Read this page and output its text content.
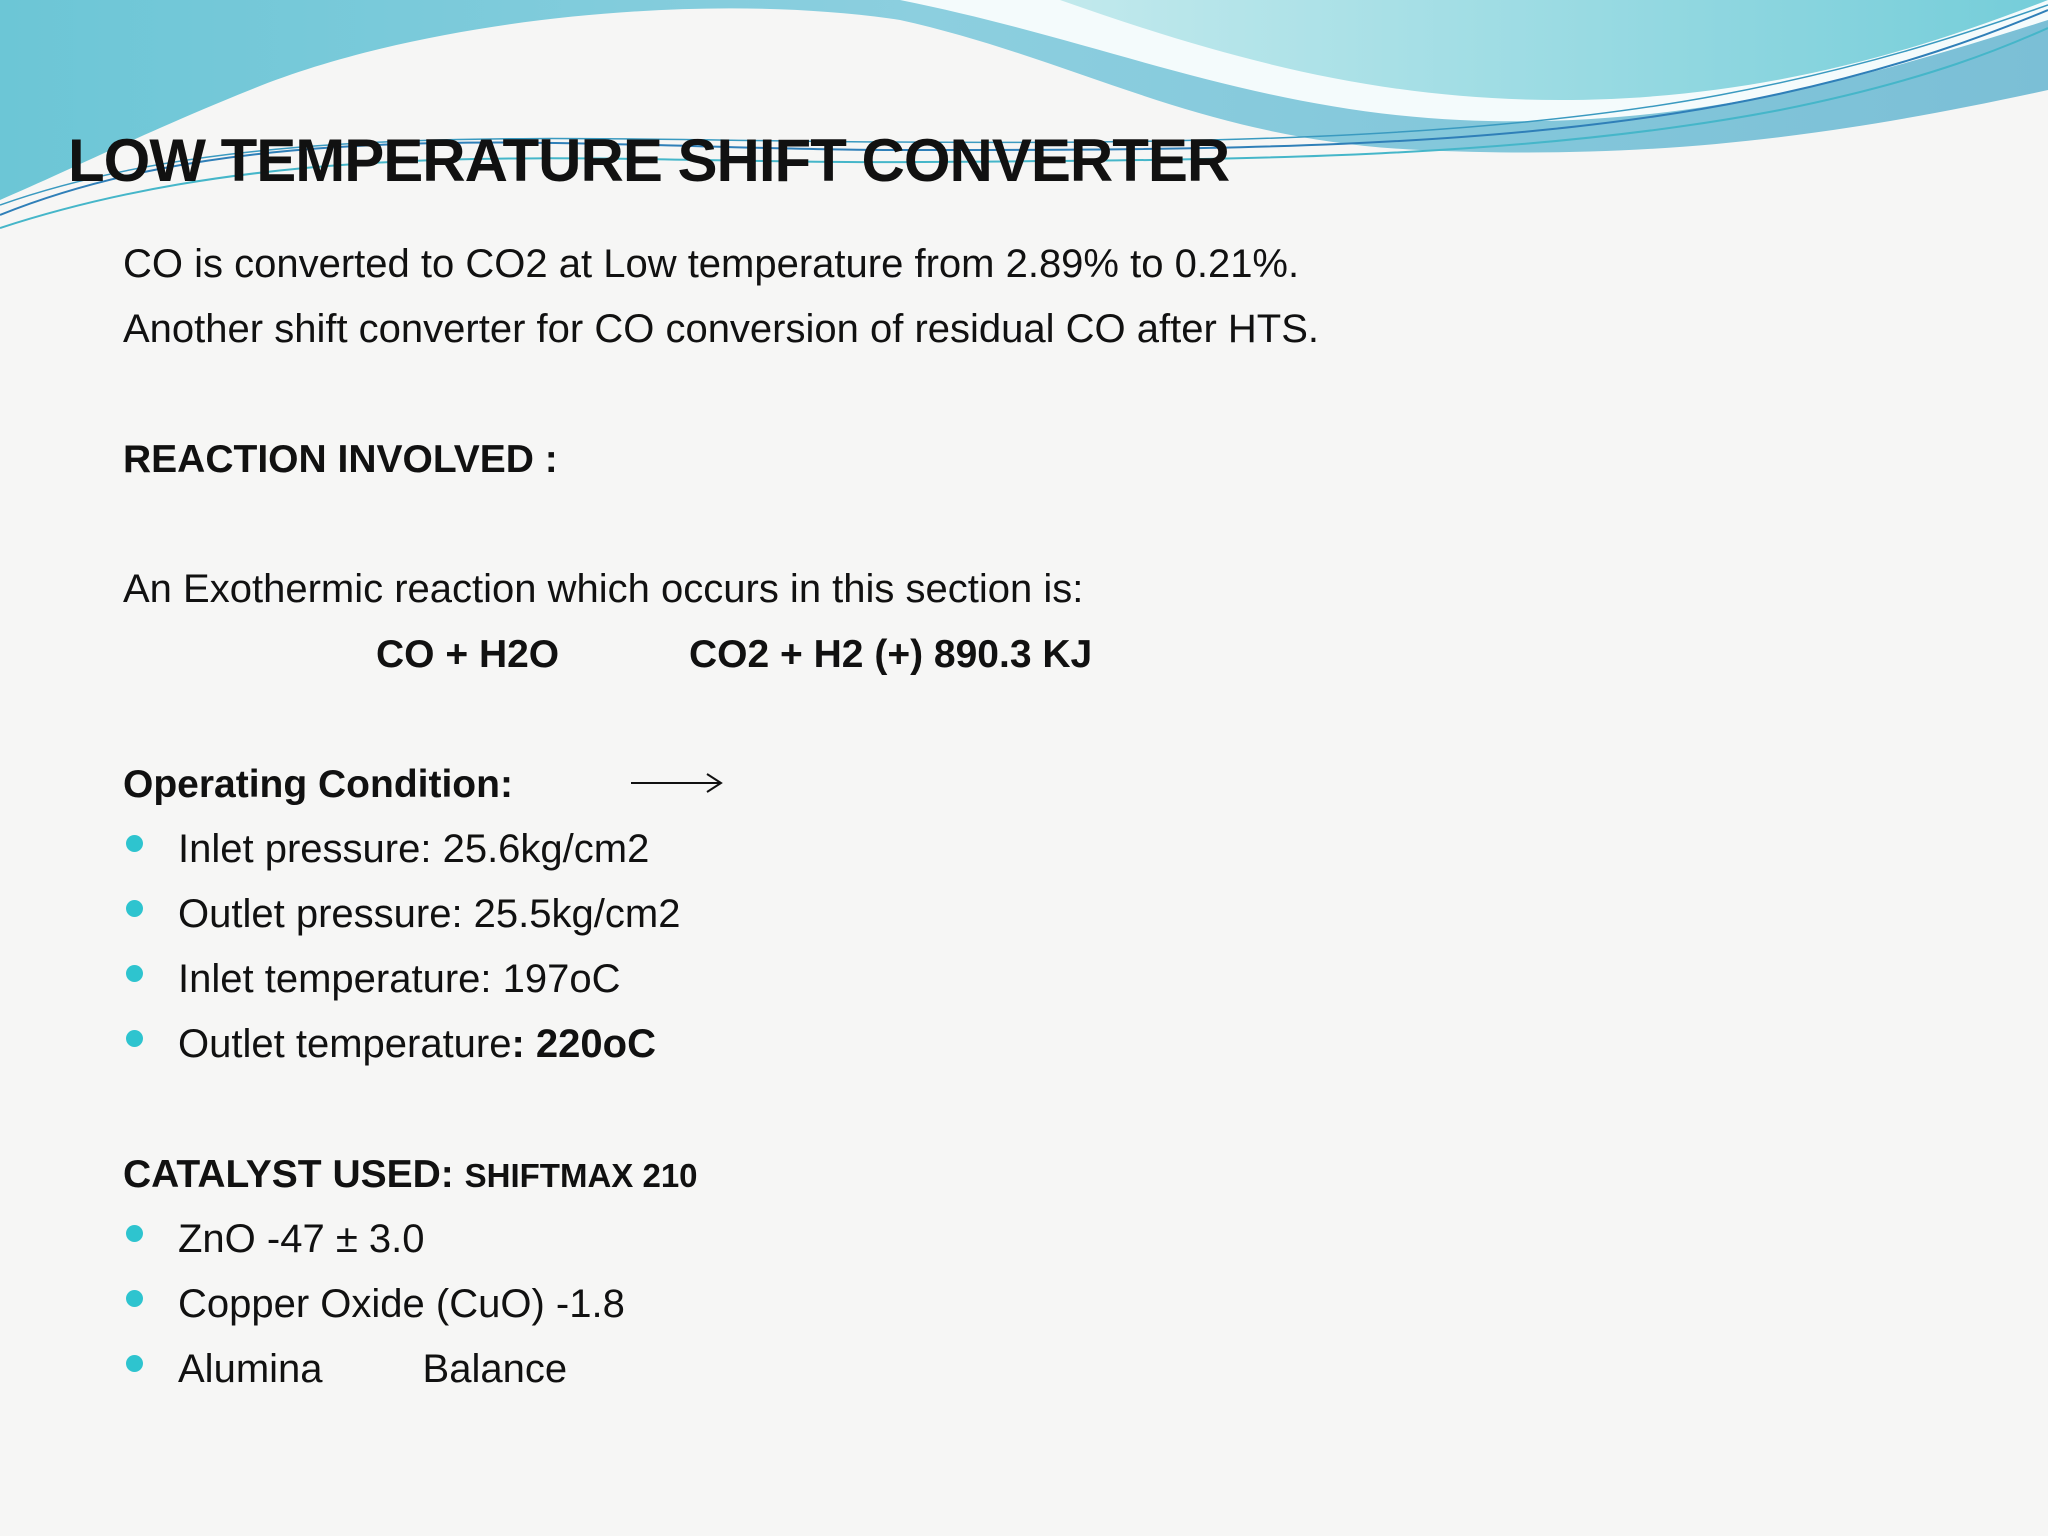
LOW TEMPERATURE SHIFT CONVERTER
CO is converted to CO2 at Low temperature from 2.89% to 0.21%.
Another shift converter for CO conversion of residual CO after HTS.
REACTION INVOLVED :
An Exothermic reaction which occurs in this section is:
CO + H2O	CO2 + H2 (+) 890.3 KJ
Operating Condition:
Inlet pressure: 25.6kg/cm2
Outlet pressure: 25.5kg/cm2
Inlet temperature: 197oC
Outlet temperature: 220oC
CATALYST USED: SHIFTMAX 210
ZnO -47 ± 3.0
Copper Oxide (CuO) -1.8
Alumina	Balance
